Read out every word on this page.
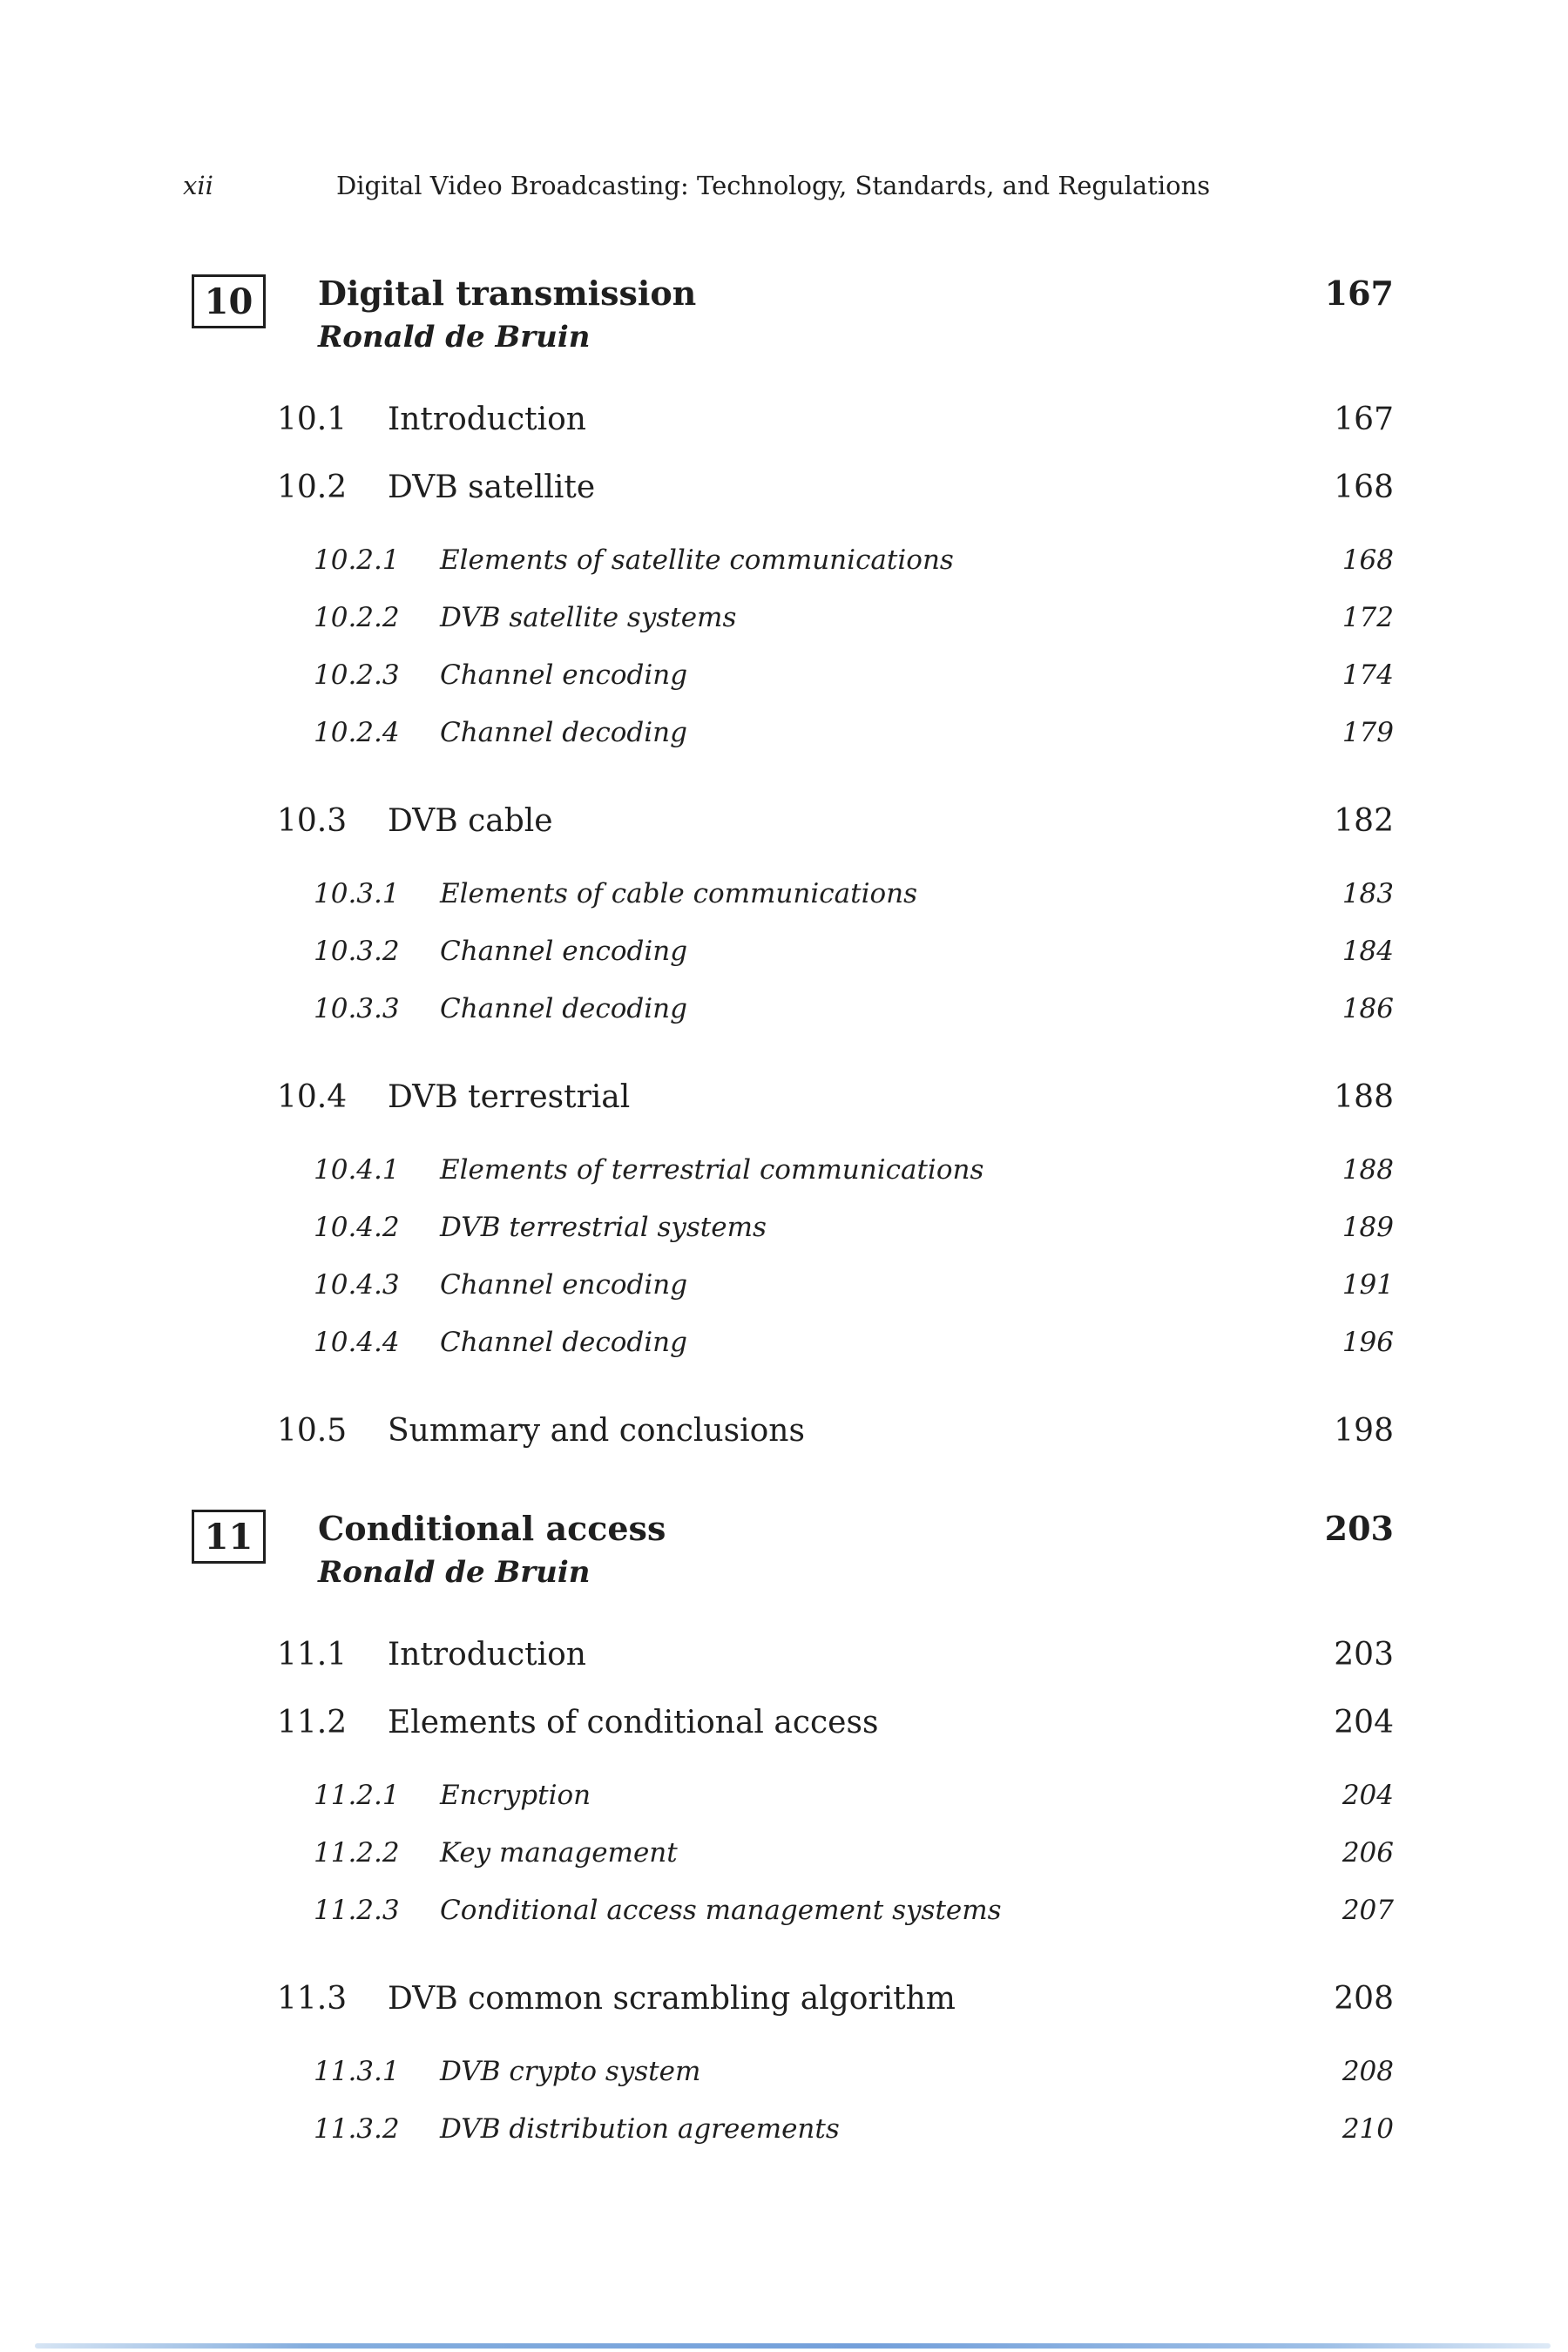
xii	Digital Video Broadcasting: Technology, Standards, and Regulations
10	Digital transmission	167
Ronald de Bruin
10.1	Introduction	167
10.2	DVB satellite	168
10.2.1	Elements of satellite communications	168
10.2.2	DVB satellite systems	172
10.2.3	Channel encoding	174
10.2.4	Channel decoding	179
10.3	DVB cable	182
10.3.1	Elements of cable communications	183
10.3.2	Channel encoding	184
10.3.3	Channel decoding	186
10.4	DVB terrestrial	188
10.4.1	Elements of terrestrial communications	188
10.4.2	DVB terrestrial systems	189
10.4.3	Channel encoding	191
10.4.4	Channel decoding	196
10.5	Summary and conclusions	198
11	Conditional access	203
Ronald de Bruin
11.1	Introduction	203
11.2	Elements of conditional access	204
11.2.1	Encryption	204
11.2.2	Key management	206
11.2.3	Conditional access management systems	207
11.3	DVB common scrambling algorithm	208
11.3.1	DVB crypto system	208
11.3.2	DVB distribution agreements	210
